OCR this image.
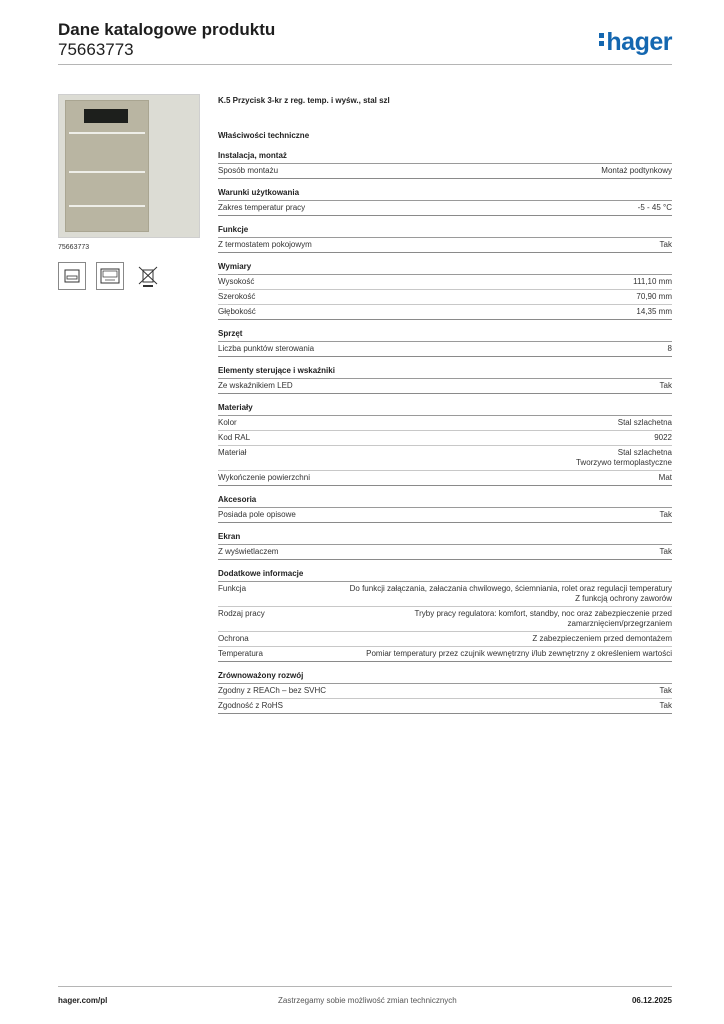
Dane katalogowe produktu
75663773	hager
75663773
K.5 Przycisk 3-kr z reg. temp. i wyśw., stal szl
Właściwości techniczne
Instalacja, montaż
Sposób montażu	Montaż podtynkowy
Warunki użytkowania
Zakres temperatur pracy	-5 - 45 °C
Funkcje
Z termostatem pokojowym	Tak
Wymiary
Wysokość	111,10 mm
Szerokość	70,90 mm
Głębokość	14,35 mm
Sprzęt
Liczba punktów sterowania	8
Elementy sterujące i wskaźniki
Ze wskaźnikiem LED	Tak
Materiały
Kolor	Stal szlachetna
Kod RAL	9022
Materiał	Stal szlachetna
Tworzywo termoplastyczne
Wykończenie powierzchni	Mat
Akcesoria
Posiada pole opisowe	Tak
Ekran
Z wyświetlaczem	Tak
Dodatkowe informacje
Funkcja	Do funkcji załączania, załaczania chwilowego, ściemniania, rolet oraz regulacji temperatury
Z funkcją ochrony zaworów
Rodzaj pracy	Tryby pracy regulatora: komfort, standby, noc oraz zabezpieczenie przed zamarznięciem/przegrzaniem
Ochrona	Z zabezpieczeniem przed demontażem
Temperatura	Pomiar temperatury przez czujnik wewnętrzny i/lub zewnętrzny z określeniem wartości
Zrównoważony rozwój
Zgodny z REACh – bez SVHC	Tak
Zgodność z RoHS	Tak
hager.com/pl	Zastrzegamy sobie możliwość zmian technicznych	06.12.2025
